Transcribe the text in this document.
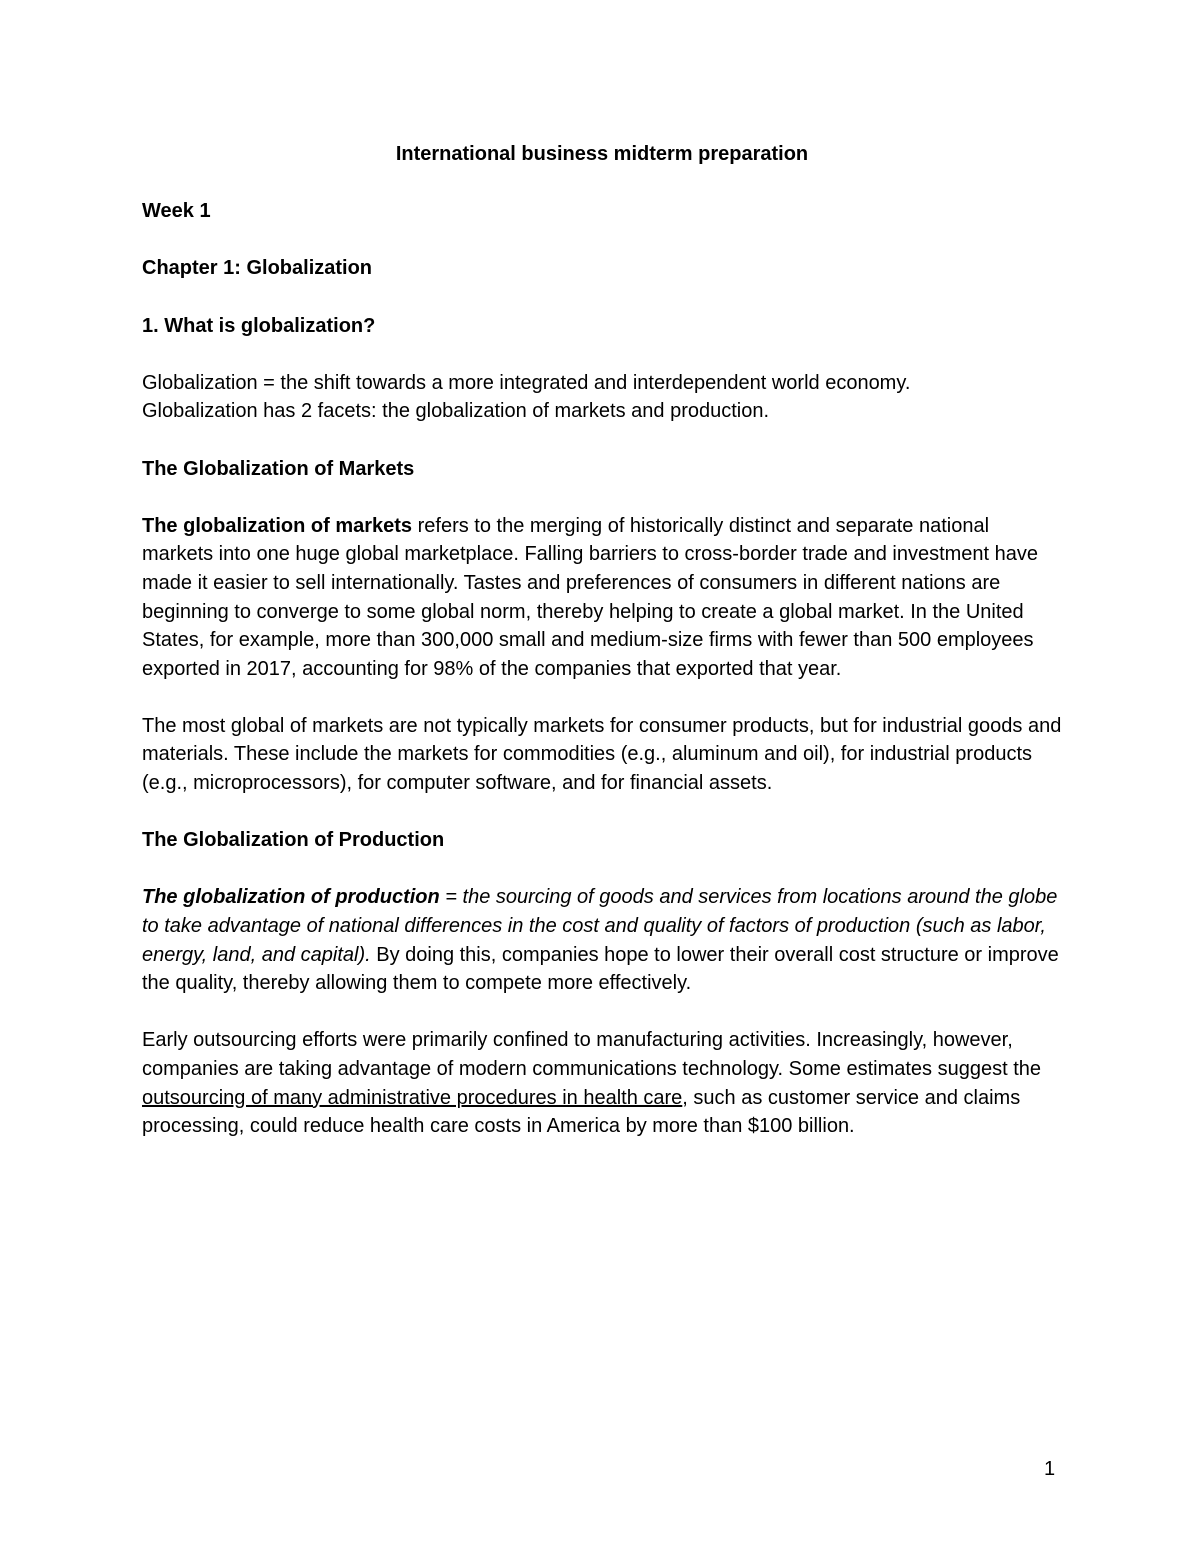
International business midterm preparation

Week 1

Chapter 1: Globalization

1. What is globalization?

Globalization = the shift towards a more integrated and interdependent world economy.
Globalization has 2 facets: the globalization of markets and production.

The Globalization of Markets

The globalization of markets refers to the merging of historically distinct and separate national markets into one huge global marketplace. Falling barriers to cross-border trade and investment have made it easier to sell internationally. Tastes and preferences of consumers in different nations are beginning to converge to some global norm, thereby helping to create a global market. In the United States, for example, more than 300,000 small and medium-size firms with fewer than 500 employees exported in 2017, accounting for 98% of the companies that exported that year.

The most global of markets are not typically markets for consumer products, but for industrial goods and materials. These include the markets for commodities (e.g., aluminum and oil), for industrial products (e.g., microprocessors), for computer software, and for financial assets.

The Globalization of Production

The globalization of production = the sourcing of goods and services from locations around the globe to take advantage of national differences in the cost and quality of factors of production (such as labor, energy, land, and capital). By doing this, companies hope to lower their overall cost structure or improve the quality, thereby allowing them to compete more effectively.

Early outsourcing efforts were primarily confined to manufacturing activities. Increasingly, however, companies are taking advantage of modern communications technology. Some estimates suggest the outsourcing of many administrative procedures in health care, such as customer service and claims processing, could reduce health care costs in America by more than $100 billion.

1
